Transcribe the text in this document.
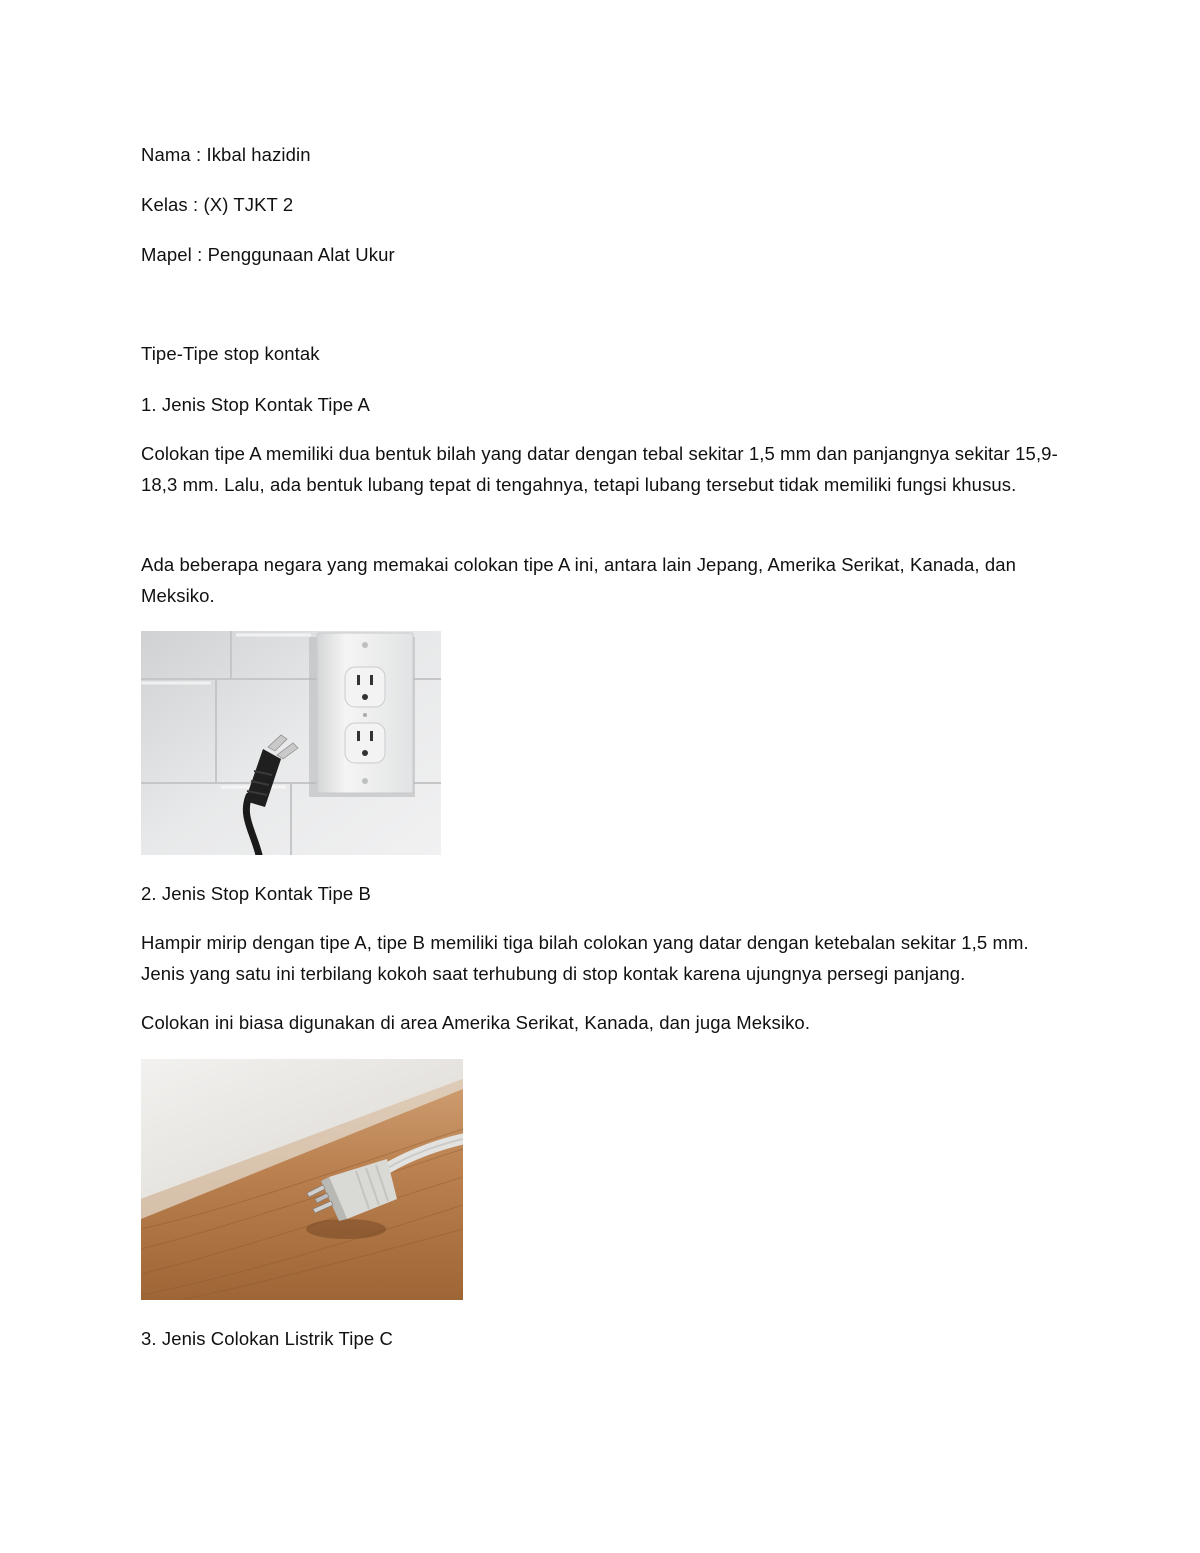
Nama : Ikbal hazidin
Kelas : (X) TJKT 2
Mapel : Penggunaan Alat Ukur
Tipe-Tipe stop kontak
1. Jenis Stop Kontak Tipe A
Colokan tipe A memiliki dua bentuk bilah yang datar dengan tebal sekitar 1,5 mm dan panjangnya sekitar 15,9-18,3 mm. Lalu, ada bentuk lubang tepat di tengahnya, tetapi lubang tersebut tidak memiliki fungsi khusus.
Ada beberapa negara yang memakai colokan tipe A ini, antara lain Jepang, Amerika Serikat, Kanada, dan Meksiko.
2. Jenis Stop Kontak Tipe B
Hampir mirip dengan tipe A, tipe B memiliki tiga bilah colokan yang datar dengan ketebalan sekitar 1,5 mm. Jenis yang satu ini terbilang kokoh saat terhubung di stop kontak karena ujungnya persegi panjang.
Colokan ini biasa digunakan di area Amerika Serikat, Kanada, dan juga Meksiko.
3. Jenis Colokan Listrik Tipe C
